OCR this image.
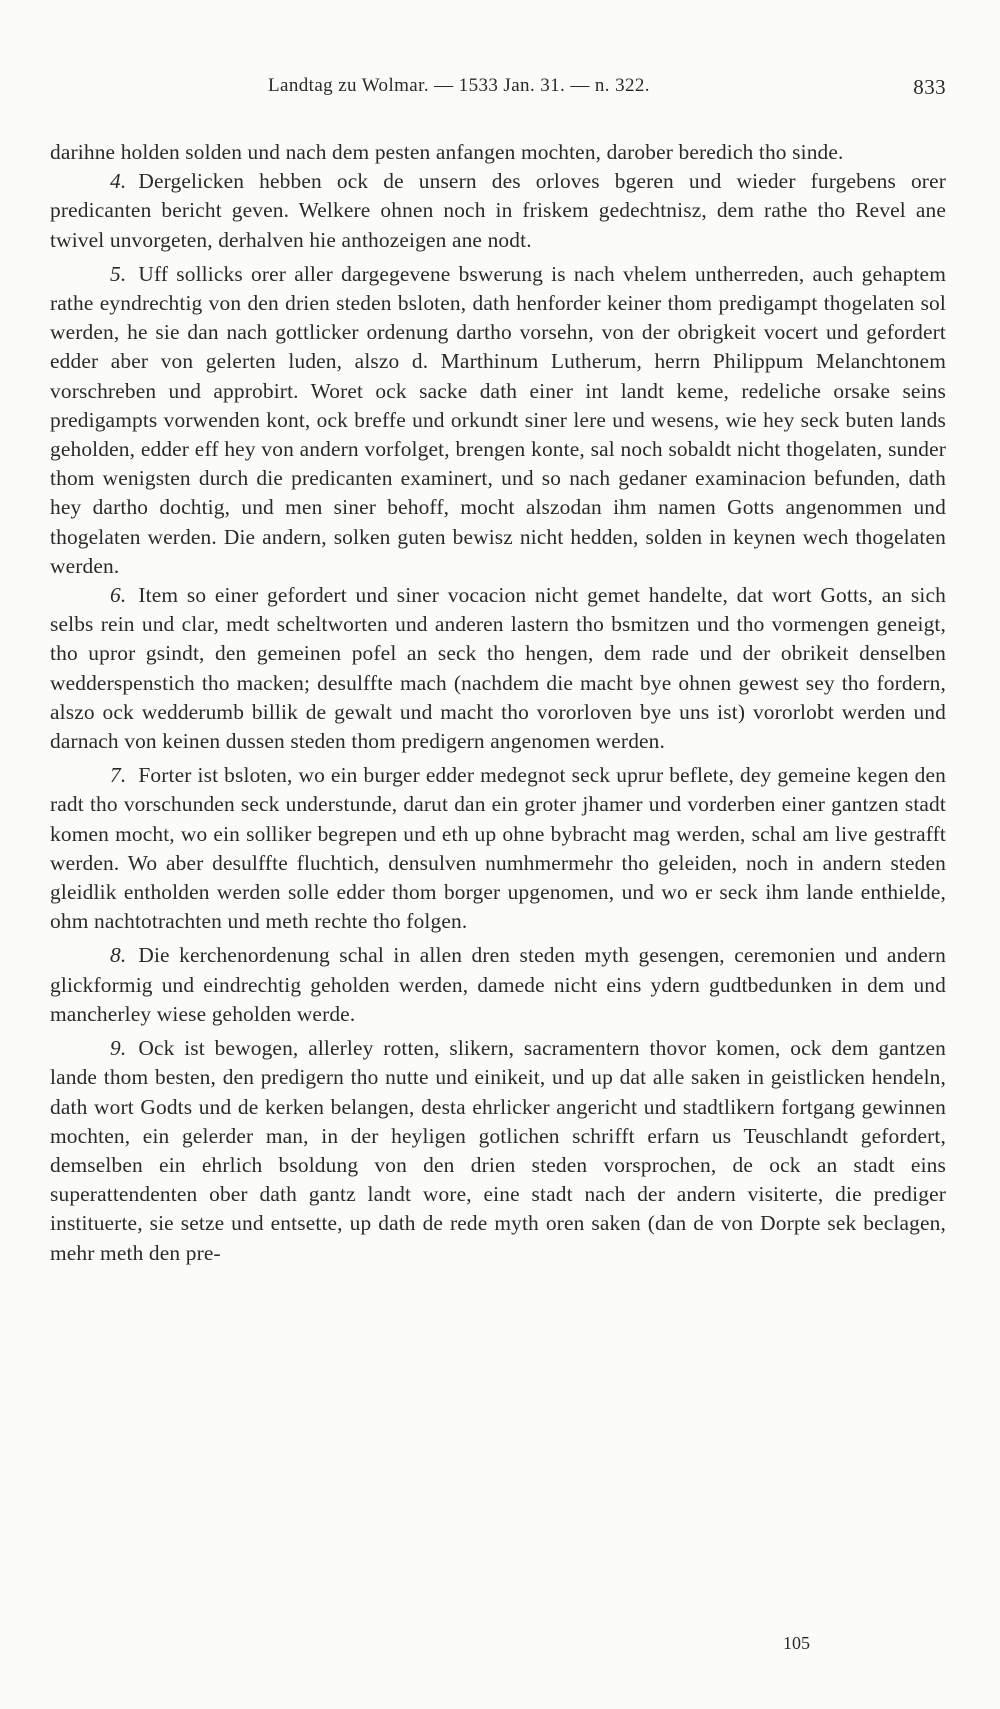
Landtag zu Wolmar. — 1533 Jan. 31. — n. 322.	833

darihne holden solden und nach dem pesten anfangen mochten, darober beredich tho sinde.

4. Dergelicken hebben ock de unsern des orloves bgeren und wieder furgebens orer predicanten bericht geven. Welkere ohnen noch in friskem gedechtnisz, dem rathe tho Revel ane twivel unvorgeten, derhalven hie anthozeigen ane nodt.

5. Uff sollicks orer aller dargegevene bswerung is nach vhelem untherreden, auch gehaptem rathe eyndrechtig von den drien steden bsloten, dath henforder keiner thom predigampt thogelaten sol werden, he sie dan nach gottlicker ordenung dartho vorsehn, von der obrigkeit vocert und gefordert edder aber von gelerten luden, alszo d. Marthinum Lutherum, herrn Philippum Melanchtonem vorschreben und approbirt. Woret ock sacke dath einer int landt keme, redeliche orsake seins predigampts vorwenden kont, ock breffe und orkundt siner lere und wesens, wie hey seck buten lands geholden, edder eff hey von andern vorfolget, brengen konte, sal noch sobaldt nicht thogelaten, sunder thom wenigsten durch die predicanten examinert, und so nach gedaner examinacion befunden, dath hey dartho dochtig, und men siner behoff, mocht alszodan ihm namen Gotts angenommen und thogelaten werden. Die andern, solken guten bewisz nicht hedden, solden in keynen wech thogelaten werden.

6. Item so einer gefordert und siner vocacion nicht gemet handelte, dat wort Gotts, an sich selbs rein und clar, medt scheltworten und anderen lastern tho bsmitzen und tho vormengen geneigt, tho upror gsindt, den gemeinen pofel an seck tho hengen, dem rade und der obrikeit denselben wedderspenstich tho macken; desulffte mach (nachdem die macht bye ohnen gewest sey tho fordern, alszo ock wedderumb billik de gewalt und macht tho vororloven bye uns ist) vororlobt werden und darnach von keinen dussen steden thom predigern angenomen werden.

7. Forter ist bsloten, wo ein burger edder medegnot seck uprur beflete, dey gemeine kegen den radt tho vorschunden seck understunde, darut dan ein groter jhamer und vorderben einer gantzen stadt komen mocht, wo ein solliker begrepen und eth up ohne bybracht mag werden, schal am live gestrafft werden. Wo aber desulffte fluchtich, densulven numhmermehr tho geleiden, noch in andern steden gleidlik entholden werden solle edder thom borger upgenomen, und wo er seck ihm lande enthielde, ohm nachtotrachten und meth rechte tho folgen.

8. Die kerchenordenung schal in allen dren steden myth gesengen, ceremonien und andern glickformig und eindrechtig geholden werden, damede nicht eins ydern gudtbedunken in dem und mancherley wiese geholden werde.

9. Ock ist bewogen, allerley rotten, slikern, sacramentern thovor komen, ock dem gantzen lande thom besten, den predigern tho nutte und einikeit, und up dat alle saken in geistlicken hendeln, dath wort Godts und de kerken belangen, desta ehrlicker angericht und stadtlikern fortgang gewinnen mochten, ein gelerder man, in der heyligen gotlichen schrifft erfarn us Teuschlandt gefordert, demselben ein ehrlich bsoldung von den drien steden vorsprochen, de ock an stadt eins superattendenten ober dath gantz landt wore, eine stadt nach der andern visiterte, die prediger instituerte, sie setze und entsette, up dath de rede myth oren saken (dan de von Dorpte sek beclagen, mehr meth den pre-

105
